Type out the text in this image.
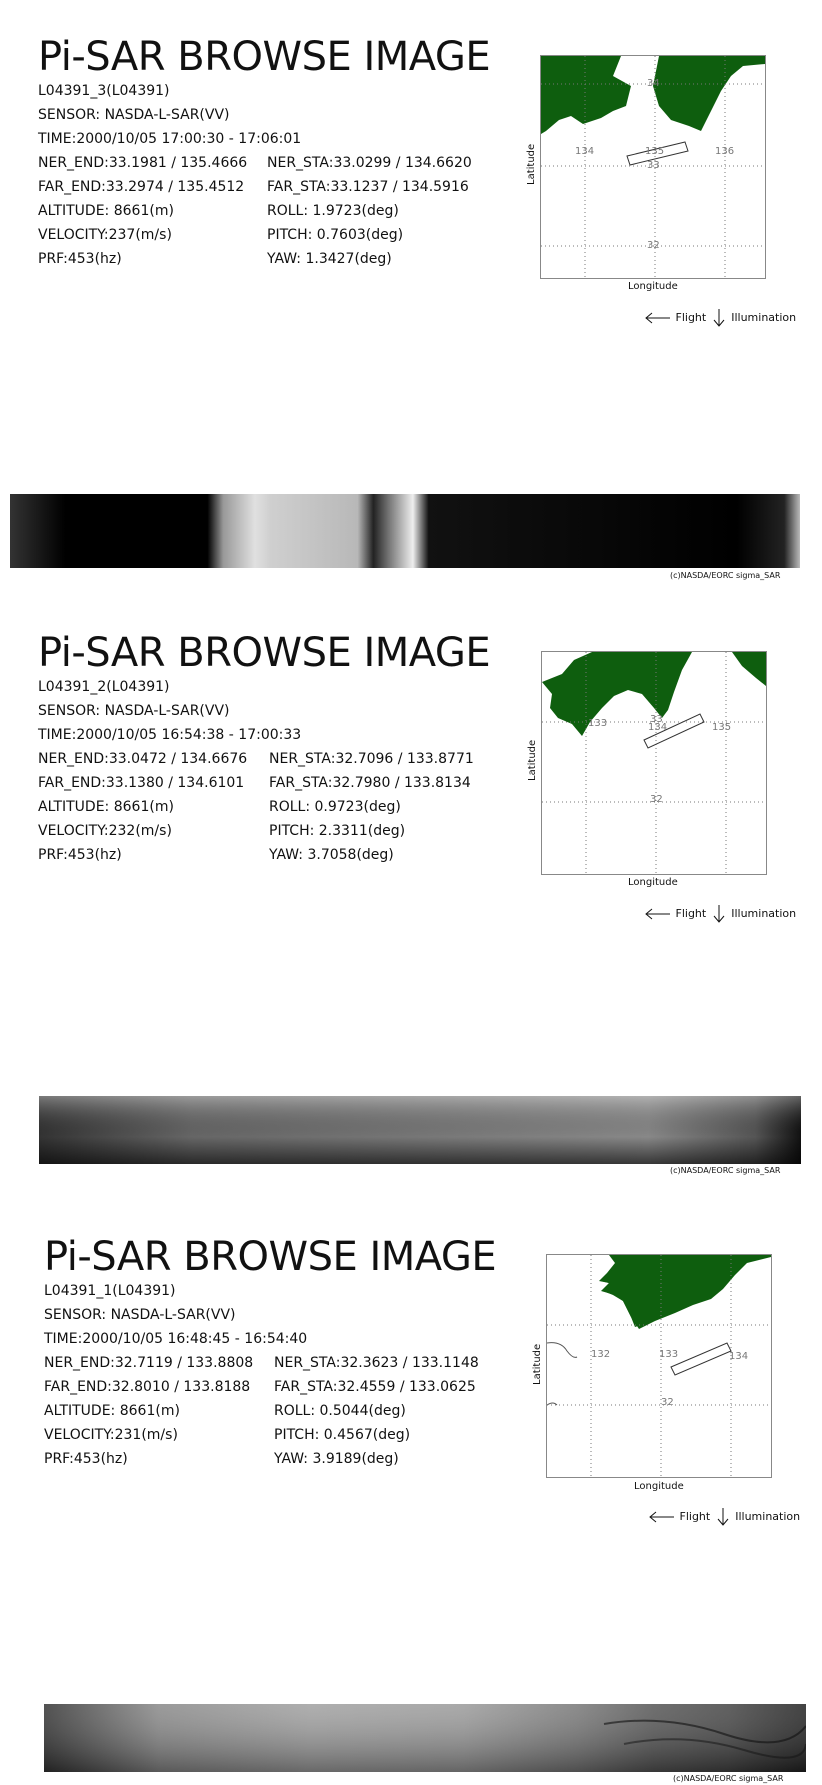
Pi-SAR BROWSE IMAGE
L04391_3(L04391)
SENSOR: NASDA-L-SAR(VV)
TIME:2000/10/05 17:00:30 - 17:06:01
NER_END:33.1981 / 135.4666 NER_STA:33.0299 / 134.6620
FAR_END:33.2974 / 135.4512 FAR_STA:33.1237 / 134.5916
ALTITUDE: 8661(m)	ROLL: 1.9723(deg)
VELOCITY:237(m/s)	PITCH: 0.7603(deg)
PRF:453(hz)	YAW: 1.3427(deg)
34
33
32
134	135	136
Latitude
Longitude
Flight Illumination
(c)NASDA/EORC sigma_SAR
Pi-SAR BROWSE IMAGE
L04391_2(L04391)
SENSOR: NASDA-L-SAR(VV)
TIME:2000/10/05 16:54:38 - 17:00:33
NER_END:33.0472 / 134.6676 NER_STA:32.7096 / 133.8771
FAR_END:33.1380 / 134.6101 FAR_STA:32.7980 / 133.8134
ALTITUDE: 8661(m)	ROLL: 0.9723(deg)
VELOCITY:232(m/s)	PITCH: 2.3311(deg)
PRF:453(hz)	YAW: 3.7058(deg)
33
32
133	134	135
Latitude
Longitude
Flight Illumination
(c)NASDA/EORC sigma_SAR
Pi-SAR BROWSE IMAGE
L04391_1(L04391)
SENSOR: NASDA-L-SAR(VV)
TIME:2000/10/05 16:48:45 - 16:54:40
NER_END:32.7119 / 133.8808 NER_STA:32.3623 / 133.1148
FAR_END:32.8010 / 133.8188 FAR_STA:32.4559 / 133.0625
ALTITUDE: 8661(m)	ROLL: 0.5044(deg)
VELOCITY:231(m/s)	PITCH: 0.4567(deg)
PRF:453(hz)	YAW: 3.9189(deg)
32
132	133	134
Latitude
Longitude
Flight Illumination
(c)NASDA/EORC sigma_SAR
